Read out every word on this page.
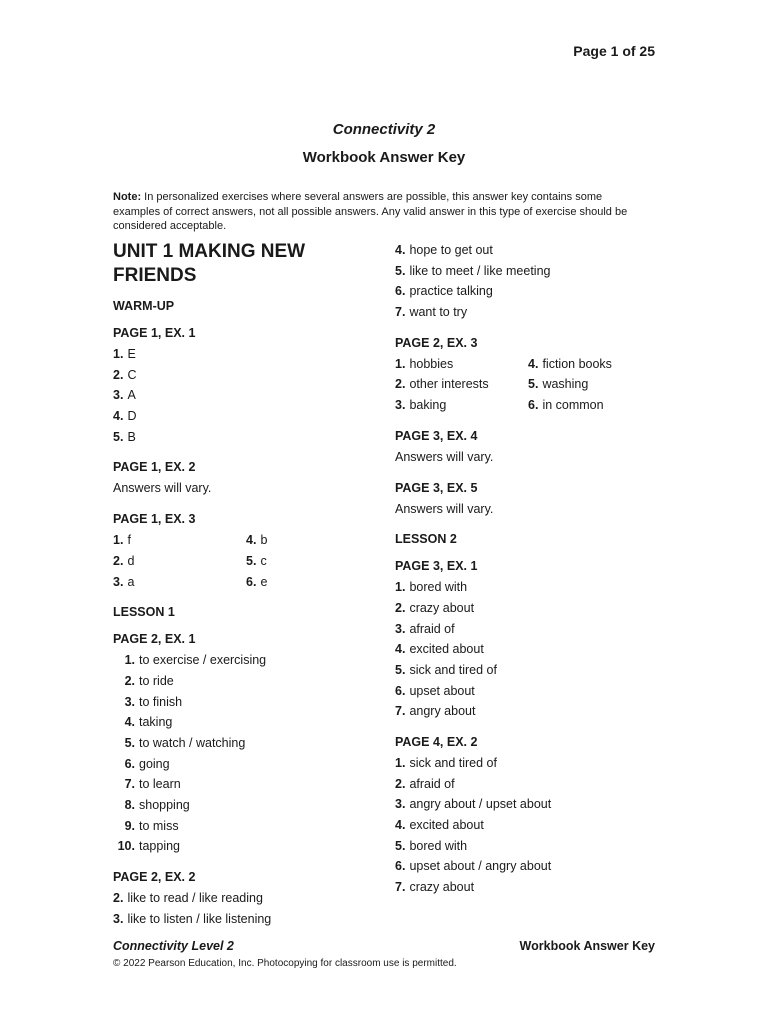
Page 1 of 25
Connectivity 2
Workbook Answer Key
Note: In personalized exercises where several answers are possible, this answer key contains some examples of correct answers, not all possible answers. Any valid answer in this type of exercise should be considered acceptable.
UNIT 1 MAKING NEW FRIENDS
WARM-UP
PAGE 1, EX. 1
1. E
2. C
3. A
4. D
5. B
PAGE 1, EX. 2
Answers will vary.
PAGE 1, EX. 3
1. f
2. d
3. a
4. b
5. c
6. e
LESSON 1
PAGE 2, EX. 1
1. to exercise / exercising
2. to ride
3. to finish
4. taking
5. to watch / watching
6. going
7. to learn
8. shopping
9. to miss
10. tapping
PAGE 2, EX. 2
2. like to read / like reading
3. like to listen / like listening
4. hope to get out
5. like to meet / like meeting
6. practice talking
7. want to try
PAGE 2, EX. 3
1. hobbies
2. other interests
3. baking
4. fiction books
5. washing
6. in common
PAGE 3, EX. 4
Answers will vary.
PAGE 3, EX. 5
Answers will vary.
LESSON 2
PAGE 3, EX. 1
1. bored with
2. crazy about
3. afraid of
4. excited about
5. sick and tired of
6. upset about
7. angry about
PAGE 4, EX. 2
1. sick and tired of
2. afraid of
3. angry about / upset about
4. excited about
5. bored with
6. upset about / angry about
7. crazy about
Connectivity Level 2	Workbook Answer Key
© 2022 Pearson Education, Inc. Photocopying for classroom use is permitted.
